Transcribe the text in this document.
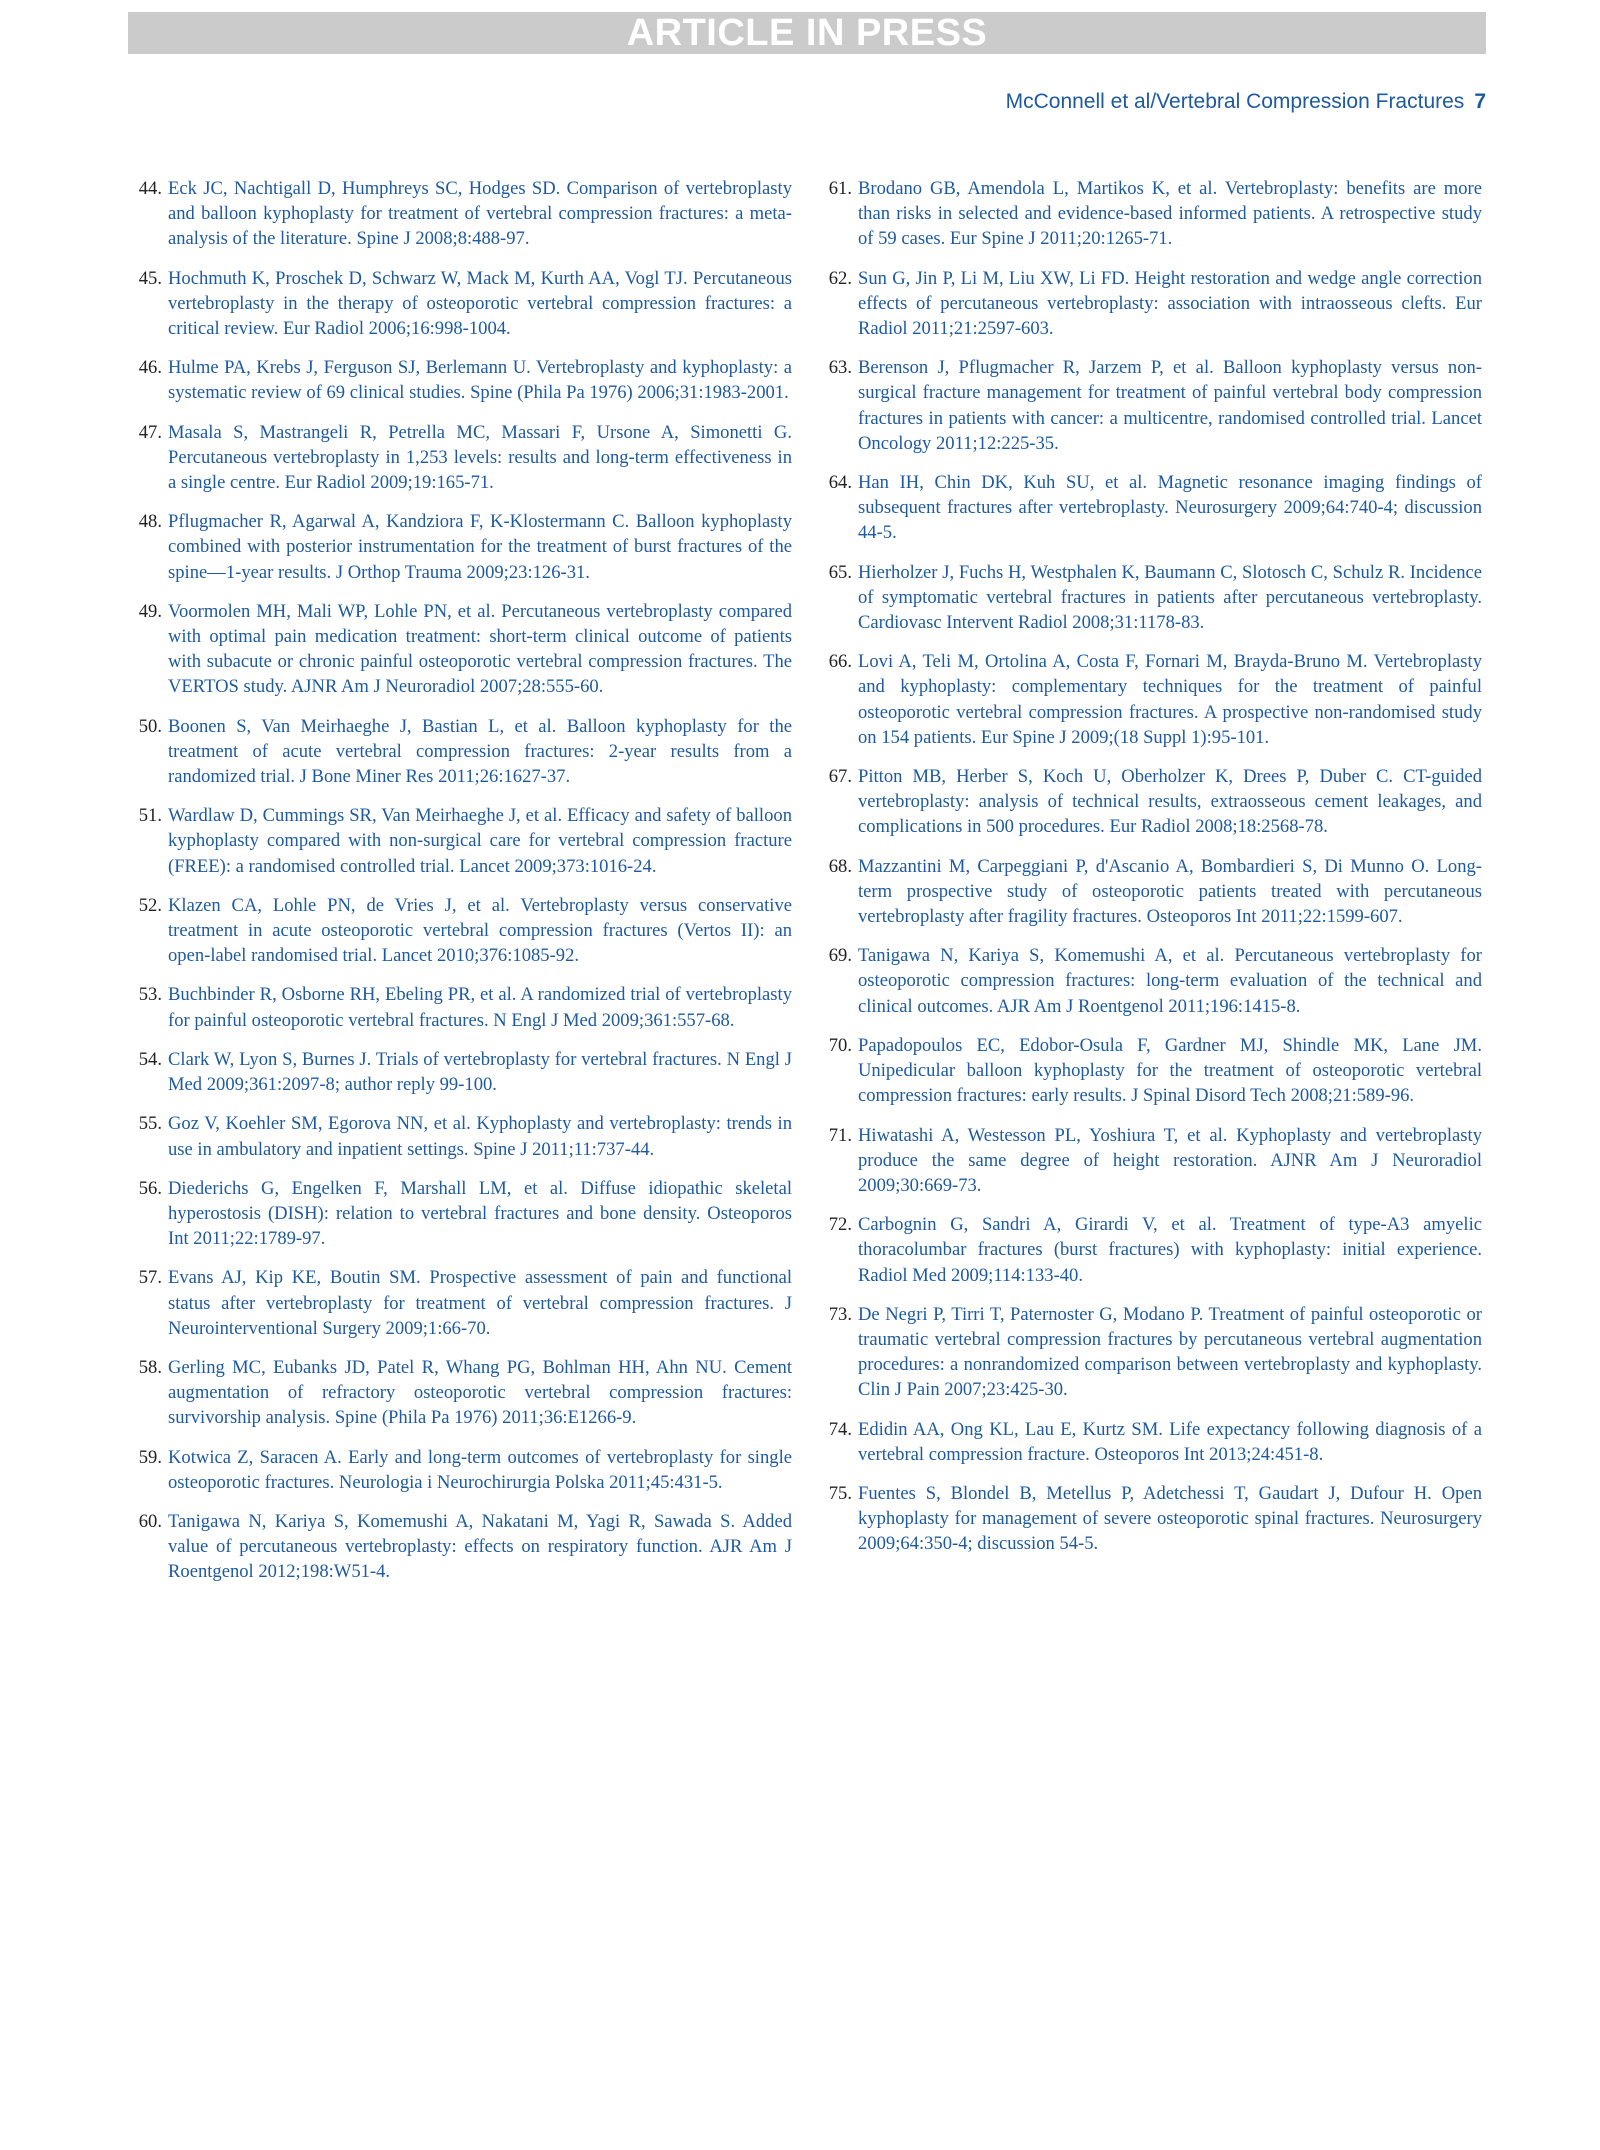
ARTICLE IN PRESS
McConnell et al/Vertebral Compression Fractures 7
44. Eck JC, Nachtigall D, Humphreys SC, Hodges SD. Comparison of vertebroplasty and balloon kyphoplasty for treatment of vertebral compression fractures: a meta-analysis of the literature. Spine J 2008;8:488-97.
45. Hochmuth K, Proschek D, Schwarz W, Mack M, Kurth AA, Vogl TJ. Percutaneous vertebroplasty in the therapy of osteoporotic vertebral compression fractures: a critical review. Eur Radiol 2006;16:998-1004.
46. Hulme PA, Krebs J, Ferguson SJ, Berlemann U. Vertebroplasty and kyphoplasty: a systematic review of 69 clinical studies. Spine (Phila Pa 1976) 2006;31:1983-2001.
47. Masala S, Mastrangeli R, Petrella MC, Massari F, Ursone A, Simonetti G. Percutaneous vertebroplasty in 1,253 levels: results and long-term effectiveness in a single centre. Eur Radiol 2009;19:165-71.
48. Pflugmacher R, Agarwal A, Kandziora F, K-Klostermann C. Balloon kyphoplasty combined with posterior instrumentation for the treatment of burst fractures of the spine—1-year results. J Orthop Trauma 2009;23:126-31.
49. Voormolen MH, Mali WP, Lohle PN, et al. Percutaneous vertebroplasty compared with optimal pain medication treatment: short-term clinical outcome of patients with subacute or chronic painful osteoporotic vertebral compression fractures. The VERTOS study. AJNR Am J Neuroradiol 2007;28:555-60.
50. Boonen S, Van Meirhaeghe J, Bastian L, et al. Balloon kyphoplasty for the treatment of acute vertebral compression fractures: 2-year results from a randomized trial. J Bone Miner Res 2011;26:1627-37.
51. Wardlaw D, Cummings SR, Van Meirhaeghe J, et al. Efficacy and safety of balloon kyphoplasty compared with non-surgical care for vertebral compression fracture (FREE): a randomised controlled trial. Lancet 2009;373:1016-24.
52. Klazen CA, Lohle PN, de Vries J, et al. Vertebroplasty versus conservative treatment in acute osteoporotic vertebral compression fractures (Vertos II): an open-label randomised trial. Lancet 2010;376:1085-92.
53. Buchbinder R, Osborne RH, Ebeling PR, et al. A randomized trial of vertebroplasty for painful osteoporotic vertebral fractures. N Engl J Med 2009;361:557-68.
54. Clark W, Lyon S, Burnes J. Trials of vertebroplasty for vertebral fractures. N Engl J Med 2009;361:2097-8; author reply 99-100.
55. Goz V, Koehler SM, Egorova NN, et al. Kyphoplasty and vertebroplasty: trends in use in ambulatory and inpatient settings. Spine J 2011;11:737-44.
56. Diederichs G, Engelken F, Marshall LM, et al. Diffuse idiopathic skeletal hyperostosis (DISH): relation to vertebral fractures and bone density. Osteoporos Int 2011;22:1789-97.
57. Evans AJ, Kip KE, Boutin SM. Prospective assessment of pain and functional status after vertebroplasty for treatment of vertebral compression fractures. J Neurointerventional Surgery 2009;1:66-70.
58. Gerling MC, Eubanks JD, Patel R, Whang PG, Bohlman HH, Ahn NU. Cement augmentation of refractory osteoporotic vertebral compression fractures: survivorship analysis. Spine (Phila Pa 1976) 2011;36:E1266-9.
59. Kotwica Z, Saracen A. Early and long-term outcomes of vertebroplasty for single osteoporotic fractures. Neurologia i Neurochirurgia Polska 2011;45:431-5.
60. Tanigawa N, Kariya S, Komemushi A, Nakatani M, Yagi R, Sawada S. Added value of percutaneous vertebroplasty: effects on respiratory function. AJR Am J Roentgenol 2012;198:W51-4.
61. Brodano GB, Amendola L, Martikos K, et al. Vertebroplasty: benefits are more than risks in selected and evidence-based informed patients. A retrospective study of 59 cases. Eur Spine J 2011;20:1265-71.
62. Sun G, Jin P, Li M, Liu XW, Li FD. Height restoration and wedge angle correction effects of percutaneous vertebroplasty: association with intraosseous clefts. Eur Radiol 2011;21:2597-603.
63. Berenson J, Pflugmacher R, Jarzem P, et al. Balloon kyphoplasty versus non-surgical fracture management for treatment of painful vertebral body compression fractures in patients with cancer: a multicentre, randomised controlled trial. Lancet Oncology 2011;12:225-35.
64. Han IH, Chin DK, Kuh SU, et al. Magnetic resonance imaging findings of subsequent fractures after vertebroplasty. Neurosurgery 2009;64:740-4; discussion 44-5.
65. Hierholzer J, Fuchs H, Westphalen K, Baumann C, Slotosch C, Schulz R. Incidence of symptomatic vertebral fractures in patients after percutaneous vertebroplasty. Cardiovasc Intervent Radiol 2008;31:1178-83.
66. Lovi A, Teli M, Ortolina A, Costa F, Fornari M, Brayda-Bruno M. Vertebroplasty and kyphoplasty: complementary techniques for the treatment of painful osteoporotic vertebral compression fractures. A prospective non-randomised study on 154 patients. Eur Spine J 2009;(18 Suppl 1):95-101.
67. Pitton MB, Herber S, Koch U, Oberholzer K, Drees P, Duber C. CT-guided vertebroplasty: analysis of technical results, extraosseous cement leakages, and complications in 500 procedures. Eur Radiol 2008;18:2568-78.
68. Mazzantini M, Carpeggiani P, d'Ascanio A, Bombardieri S, Di Munno O. Long-term prospective study of osteoporotic patients treated with percutaneous vertebroplasty after fragility fractures. Osteoporos Int 2011;22:1599-607.
69. Tanigawa N, Kariya S, Komemushi A, et al. Percutaneous vertebroplasty for osteoporotic compression fractures: long-term evaluation of the technical and clinical outcomes. AJR Am J Roentgenol 2011;196:1415-8.
70. Papadopoulos EC, Edobor-Osula F, Gardner MJ, Shindle MK, Lane JM. Unipedicular balloon kyphoplasty for the treatment of osteoporotic vertebral compression fractures: early results. J Spinal Disord Tech 2008;21:589-96.
71. Hiwatashi A, Westesson PL, Yoshiura T, et al. Kyphoplasty and vertebroplasty produce the same degree of height restoration. AJNR Am J Neuroradiol 2009;30:669-73.
72. Carbognin G, Sandri A, Girardi V, et al. Treatment of type-A3 amyelic thoracolumbar fractures (burst fractures) with kyphoplasty: initial experience. Radiol Med 2009;114:133-40.
73. De Negri P, Tirri T, Paternoster G, Modano P. Treatment of painful osteoporotic or traumatic vertebral compression fractures by percutaneous vertebral augmentation procedures: a nonrandomized comparison between vertebroplasty and kyphoplasty. Clin J Pain 2007;23:425-30.
74. Edidin AA, Ong KL, Lau E, Kurtz SM. Life expectancy following diagnosis of a vertebral compression fracture. Osteoporos Int 2013;24:451-8.
75. Fuentes S, Blondel B, Metellus P, Adetchessi T, Gaudart J, Dufour H. Open kyphoplasty for management of severe osteoporotic spinal fractures. Neurosurgery 2009;64:350-4; discussion 54-5.
